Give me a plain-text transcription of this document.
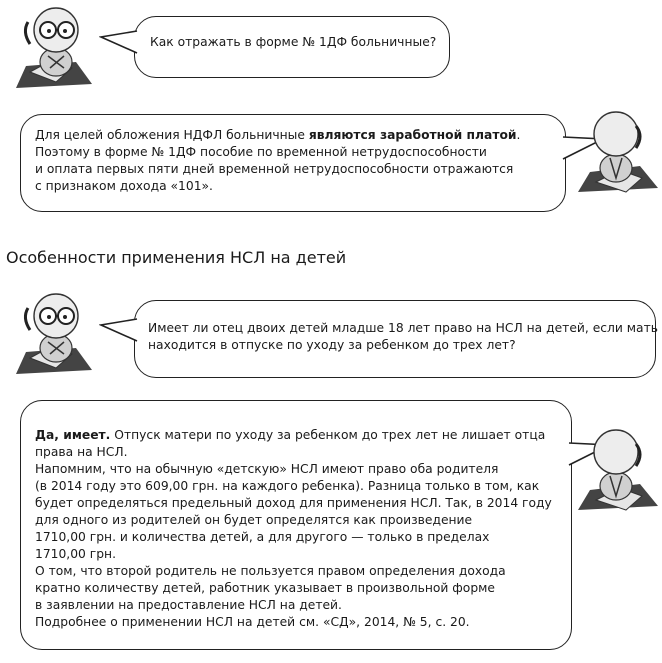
Как отражать в форме № 1ДФ больничные?
Для целей обложения НДФЛ больничные являются заработной платой.
Поэтому в форме № 1ДФ пособие по временной нетрудоспособности
и оплата первых пяти дней временной нетрудоспособности отражаются
с признаком дохода «101».
Особенности применения НСЛ на детей
Имеет ли отец двоих детей младше 18 лет право на НСЛ на детей, если мать
находится в отпуске по уходу за ребенком до трех лет?
Да, имеет. Отпуск матери по уходу за ребенком до трех лет не лишает отца
права на НСЛ.
Напомним, что на обычную «детскую» НСЛ имеют право оба родителя
(в 2014 году это 609,00 грн. на каждого ребенка). Разница только в том, как
будет определяться предельный доход для применения НСЛ. Так, в 2014 году
для одного из родителей он будет определятся как произведение
1710,00 грн. и количества детей, а для другого — только в пределах
1710,00 грн.
О том, что второй родитель не пользуется правом определения дохода
кратно количеству детей, работник указывает в произвольной форме
в заявлении на предоставление НСЛ на детей.
Подробнее о применении НСЛ на детей см. «СД», 2014, № 5, с. 20.
